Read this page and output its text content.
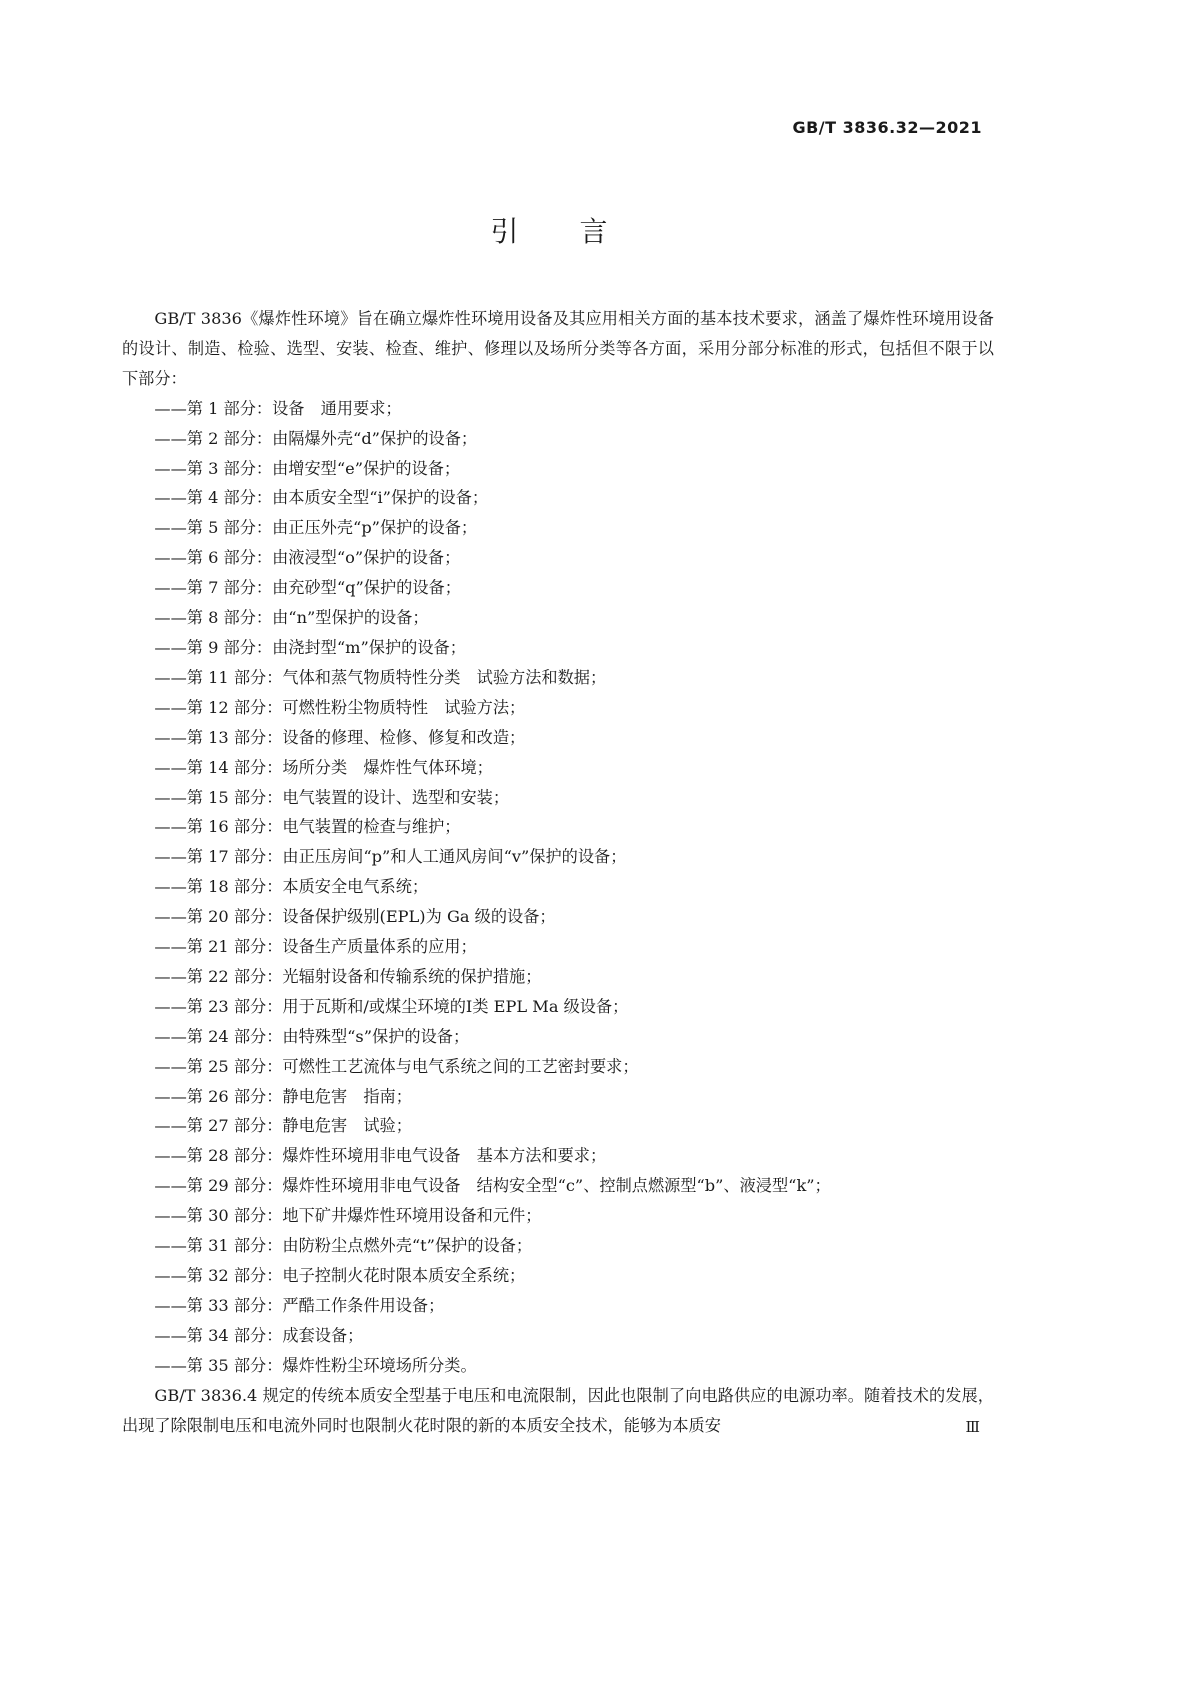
GB/T 3836.32—2021
引 言

GB/T 3836《爆炸性环境》旨在确立爆炸性环境用设备及其应用相关方面的基本技术要求，涵盖了爆炸性环境用设备的设计、制造、检验、选型、安装、检查、维护、修理以及场所分类等各方面，采用分部分标准的形式，包括但不限于以下部分：

——第 1 部分：设备　通用要求；
——第 2 部分：由隔爆外壳“d”保护的设备；
——第 3 部分：由增安型“e”保护的设备；
——第 4 部分：由本质安全型“i”保护的设备；
——第 5 部分：由正压外壳“p”保护的设备；
——第 6 部分：由液浸型“o”保护的设备；
——第 7 部分：由充砂型“q”保护的设备；
——第 8 部分：由“n”型保护的设备；
——第 9 部分：由浇封型“m”保护的设备；
——第 11 部分：气体和蒸气物质特性分类　试验方法和数据；
——第 12 部分：可燃性粉尘物质特性　试验方法；
——第 13 部分：设备的修理、检修、修复和改造；
——第 14 部分：场所分类　爆炸性气体环境；
——第 15 部分：电气装置的设计、选型和安装；
——第 16 部分：电气装置的检查与维护；
——第 17 部分：由正压房间“p”和人工通风房间“v”保护的设备；
——第 18 部分：本质安全电气系统；
——第 20 部分：设备保护级别(EPL)为 Ga 级的设备；
——第 21 部分：设备生产质量体系的应用；
——第 22 部分：光辐射设备和传输系统的保护措施；
——第 23 部分：用于瓦斯和/或煤尘环境的Ⅰ类 EPL Ma 级设备；
——第 24 部分：由特殊型“s”保护的设备；
——第 25 部分：可燃性工艺流体与电气系统之间的工艺密封要求；
——第 26 部分：静电危害　指南；
——第 27 部分：静电危害　试验；
——第 28 部分：爆炸性环境用非电气设备　基本方法和要求；
——第 29 部分：爆炸性环境用非电气设备　结构安全型“c”、控制点燃源型“b”、液浸型“k”；
——第 30 部分：地下矿井爆炸性环境用设备和元件；
——第 31 部分：由防粉尘点燃外壳“t”保护的设备；
——第 32 部分：电子控制火花时限本质安全系统；
——第 33 部分：严酷工作条件用设备；
——第 34 部分：成套设备；
——第 35 部分：爆炸性粉尘环境场所分类。

GB/T 3836.4 规定的传统本质安全型基于电压和电流限制，因此也限制了向电路供应的电源功率。随着技术的发展，出现了除限制电压和电流外同时也限制火花时限的新的本质安全技术，能够为本质安	Ⅲ
